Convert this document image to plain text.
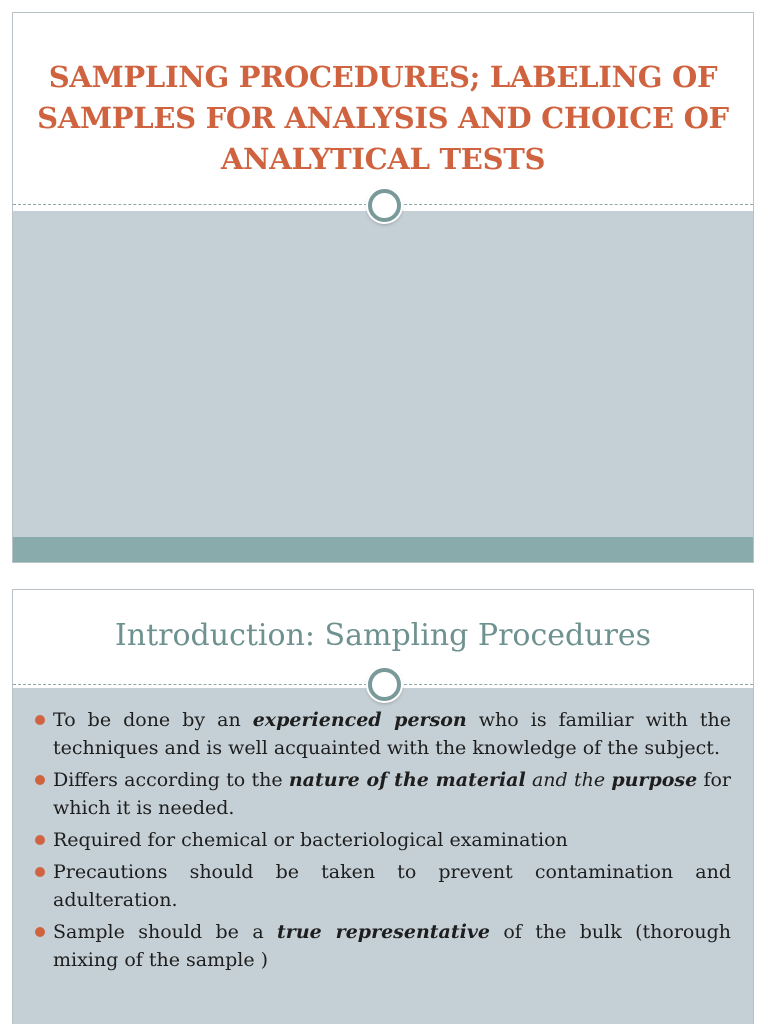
SAMPLING PROCEDURES; LABELING OF SAMPLES FOR ANALYSIS AND CHOICE OF ANALYTICAL TESTS
Introduction: Sampling Procedures
To be done by an experienced person who is familiar with the techniques and is well acquainted with the knowledge of the subject.
Differs according to the nature of the material and the purpose for which it is needed.
Required for chemical or bacteriological examination
Precautions should be taken to prevent contamination and adulteration.
Sample should be a true representative of the bulk (thorough mixing of the sample )
